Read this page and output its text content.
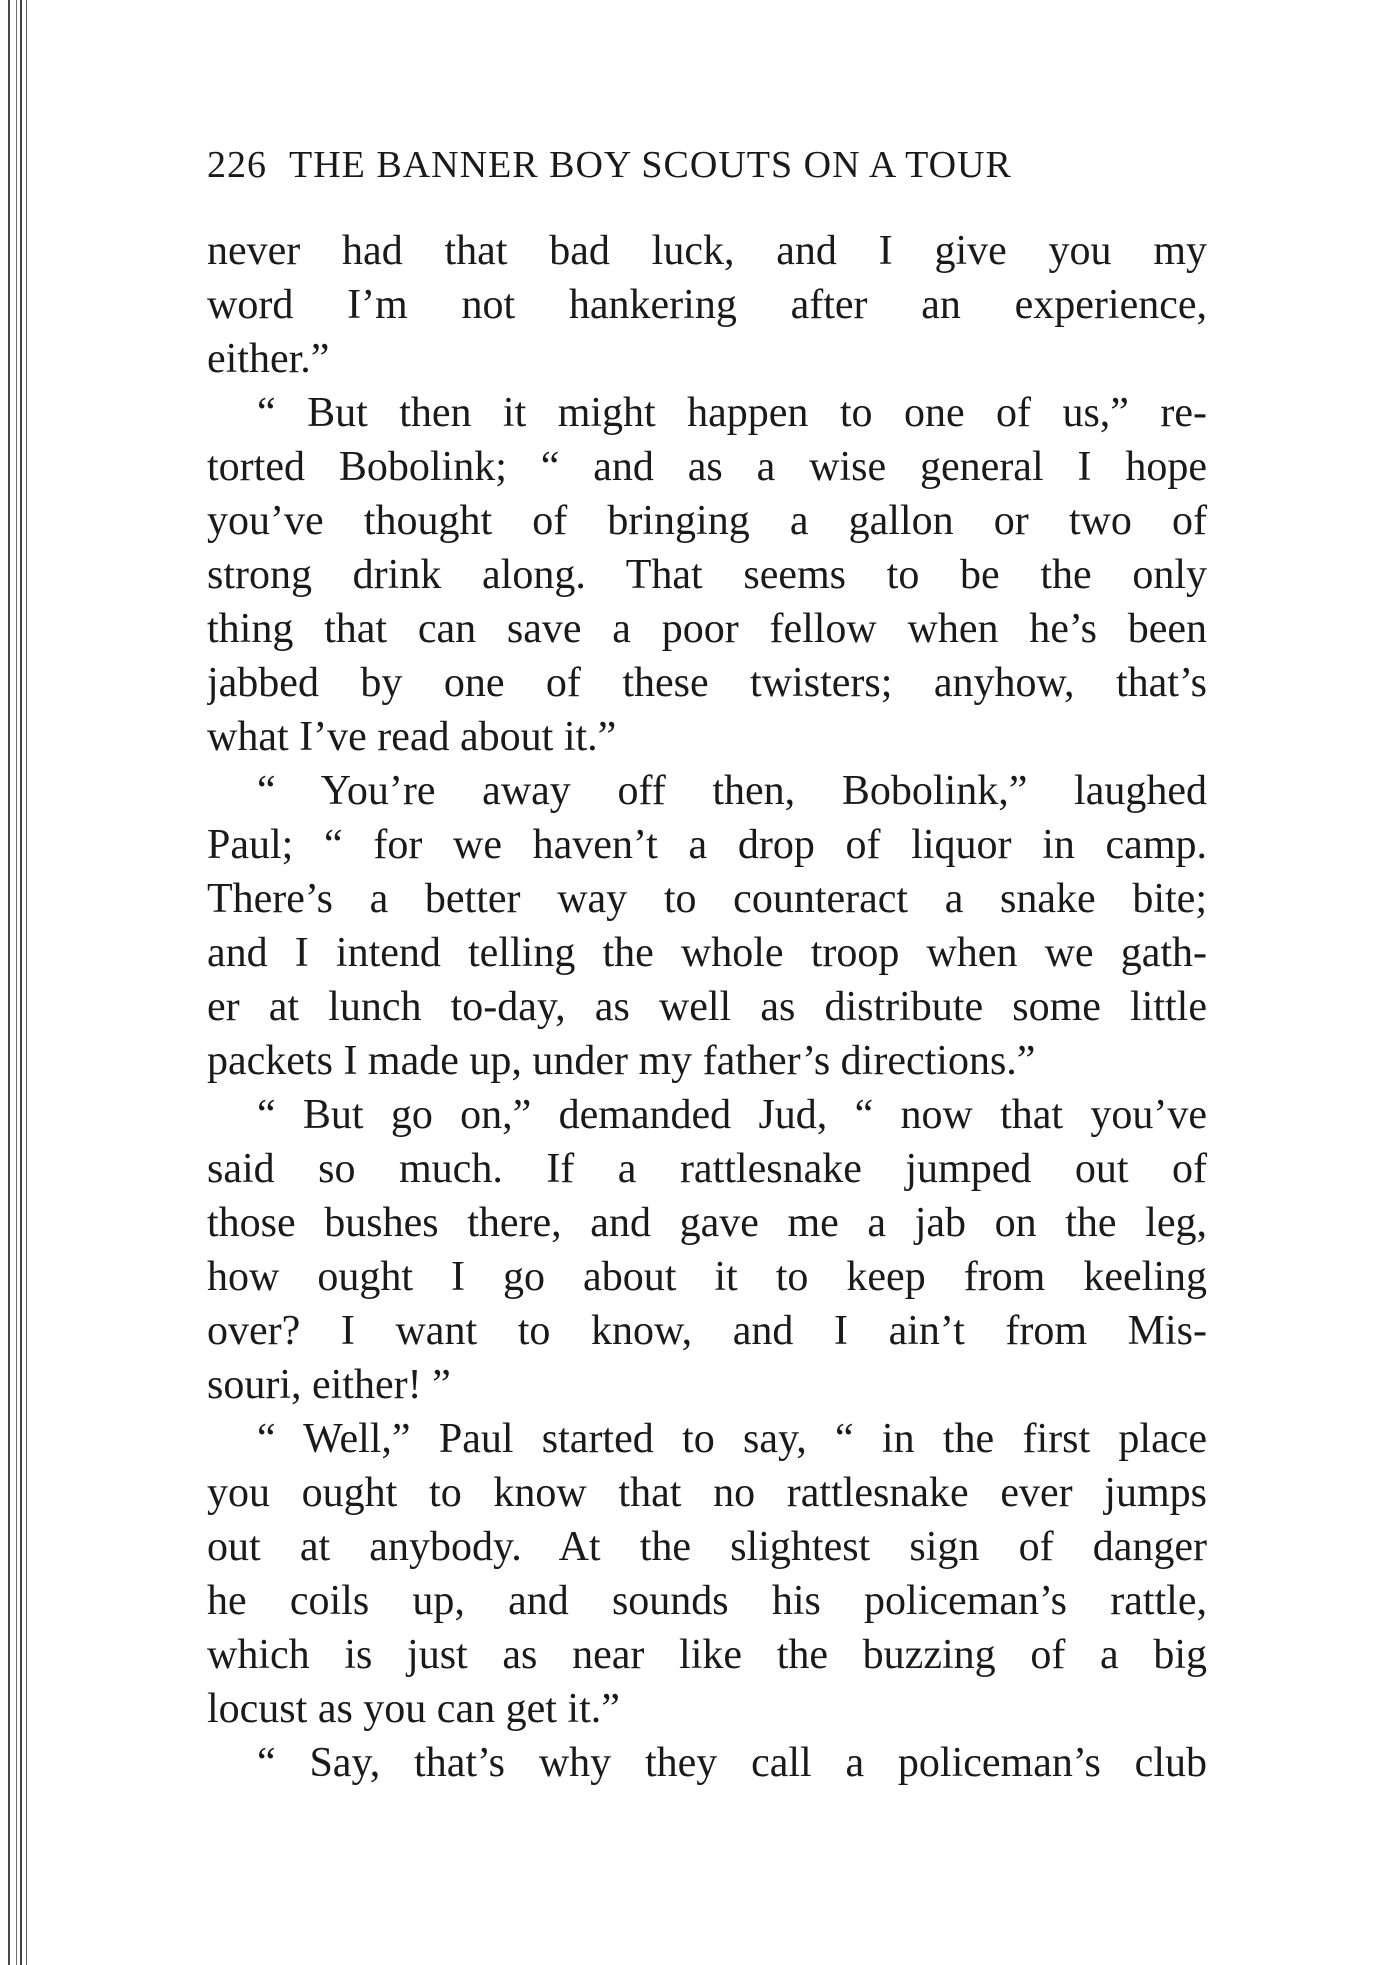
226 THE BANNER BOY SCOUTS ON A TOUR
never had that bad luck, and I give you my
word I’m not hankering after an experience,
either.”
“ But then it might happen to one of us,” re-
torted Bobolink; “ and as a wise general I hope
you’ve thought of bringing a gallon or two of
strong drink along. That seems to be the only
thing that can save a poor fellow when he’s been
jabbed by one of these twisters; anyhow, that’s
what I’ve read about it.”
“ You’re away off then, Bobolink,” laughed
Paul; “ for we haven’t a drop of liquor in camp.
There’s a better way to counteract a snake bite;
and I intend telling the whole troop when we gath-
er at lunch to-day, as well as distribute some little
packets I made up, under my father’s directions.”
“ But go on,” demanded Jud, “ now that you’ve
said so much. If a rattlesnake jumped out of
those bushes there, and gave me a jab on the leg,
how ought I go about it to keep from keeling
over? I want to know, and I ain’t from Mis-
souri, either! ”
“ Well,” Paul started to say, “ in the first place
you ought to know that no rattlesnake ever jumps
out at anybody. At the slightest sign of danger
he coils up, and sounds his policeman’s rattle,
which is just as near like the buzzing of a big
locust as you can get it.”
“ Say, that’s why they call a policeman’s club
